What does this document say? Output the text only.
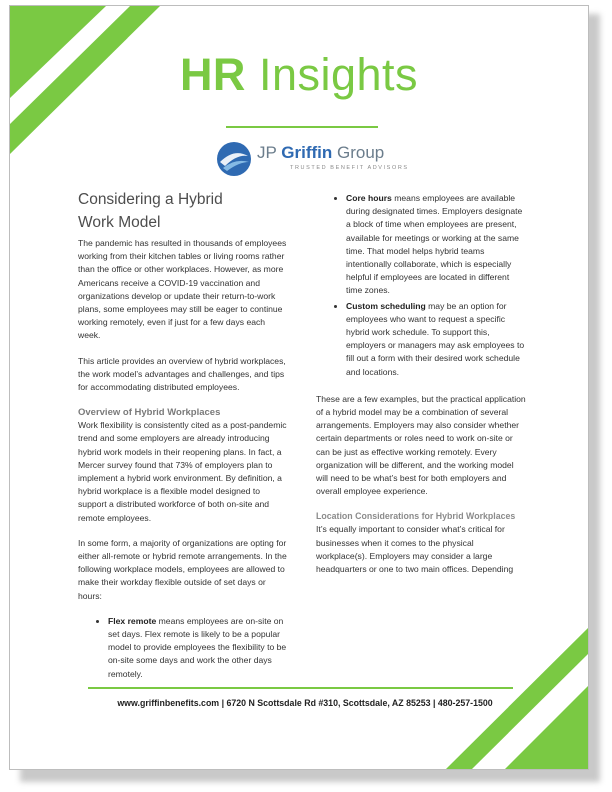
HR Insights
JP Griffin Group
TRUSTED BENEFIT ADVISORS
Considering a Hybrid
Work Model

The pandemic has resulted in thousands of employees working from their kitchen tables or living rooms rather than the office or other workplaces. However, as more Americans receive a COVID-19 vaccination and organizations develop or update their return-to-work plans, some employees may still be eager to continue working remotely, even if just for a few days each week.

This article provides an overview of hybrid workplaces, the work model’s advantages and challenges, and tips for accommodating distributed employees.

Overview of Hybrid Workplaces

Work flexibility is consistently cited as a post-pandemic trend and some employers are already introducing hybrid work models in their reopening plans. In fact, a Mercer survey found that 73% of employers plan to implement a hybrid work environment. By definition, a hybrid workplace is a flexible model designed to support a distributed workforce of both on-site and remote employees.

In some form, a majority of organizations are opting for either all-remote or hybrid remote arrangements. In the following workplace models, employees are allowed to make their workday flexible outside of set days or hours:

• Flex remote means employees are on-site on set days. Flex remote is likely to be a popular model to provide employees the flexibility to be on-site some days and work the other days remotely.
• Core hours means employees are available during designated times. Employers designate a block of time when employees are present, available for meetings or working at the same time. That model helps hybrid teams intentionally collaborate, which is especially helpful if employees are located in different time zones.
• Custom scheduling may be an option for employees who want to request a specific hybrid work schedule. To support this, employers or managers may ask employees to fill out a form with their desired work schedule and locations.

These are a few examples, but the practical application of a hybrid model may be a combination of several arrangements. Employers may also consider whether certain departments or roles need to work on-site or can be just as effective working remotely. Every organization will be different, and the working model will need to be what’s best for both employers and overall employee experience.

Location Considerations for Hybrid Workplaces

It’s equally important to consider what’s critical for businesses when it comes to the physical workplace(s). Employers may consider a large headquarters or one to two main offices. Depending

www.griffinbenefits.com | 6720 N Scottsdale Rd #310, Scottsdale, AZ 85253 | 480-257-1500
